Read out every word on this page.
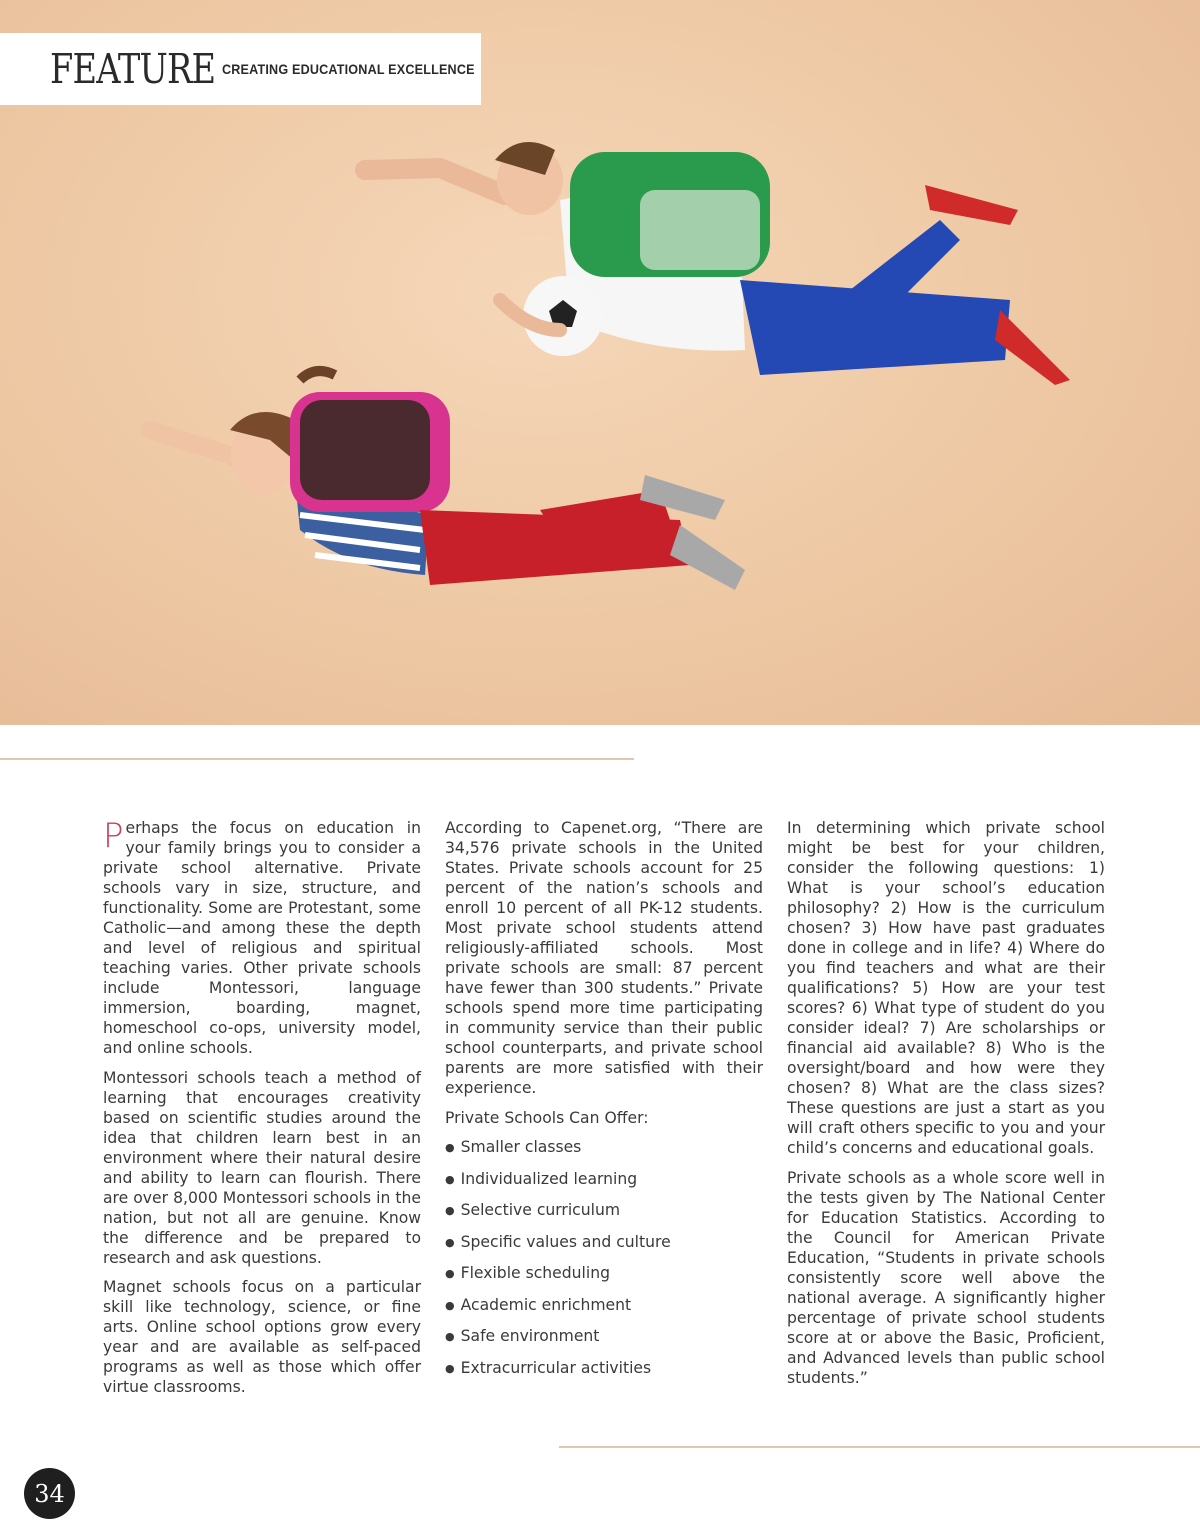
FEATURE CREATING EDUCATIONAL EXCELLENCE

Perhaps the focus on education in your family brings you to consider a private school alternative. Private schools vary in size, structure, and functionality. Some are Protestant, some Catholic—and among these the depth and level of religious and spiritual teaching varies. Other private schools include Montessori, language immersion, boarding, magnet, homeschool co-ops, university model, and online schools.

Montessori schools teach a method of learning that encourages creativity based on scientific studies around the idea that children learn best in an environment where their natural desire and ability to learn can flourish. There are over 8,000 Montessori schools in the nation, but not all are genuine. Know the difference and be prepared to research and ask questions.

Magnet schools focus on a particular skill like technology, science, or fine arts. Online school options grow every year and are available as self-paced programs as well as those which offer virtue classrooms.

According to Capenet.org, “There are 34,576 private schools in the United States. Private schools account for 25 percent of the nation’s schools and enroll 10 percent of all PK-12 students. Most private school students attend religiously-affiliated schools. Most private schools are small: 87 percent have fewer than 300 students.” Private schools spend more time participating in community service than their public school counterparts, and private school parents are more satisfied with their experience.

Private Schools Can Offer:

● Smaller classes
● Individualized learning
● Selective curriculum
● Specific values and culture
● Flexible scheduling
● Academic enrichment
● Safe environment
● Extracurricular activities

In determining which private school might be best for your children, consider the following questions: 1) What is your school’s education philosophy? 2) How is the curriculum chosen? 3) How have past graduates done in college and in life? 4) Where do you find teachers and what are their qualifications? 5) How are your test scores? 6) What type of student do you consider ideal? 7) Are scholarships or financial aid available? 8) Who is the oversight/board and how were they chosen? 8) What are the class sizes? These questions are just a start as you will craft others specific to you and your child’s concerns and educational goals.

Private schools as a whole score well in the tests given by The National Center for Education Statistics. According to the Council for American Private Education, “Students in private schools consistently score well above the national average. A significantly higher percentage of private school students score at or above the Basic, Proficient, and Advanced levels than public school students.”

34
